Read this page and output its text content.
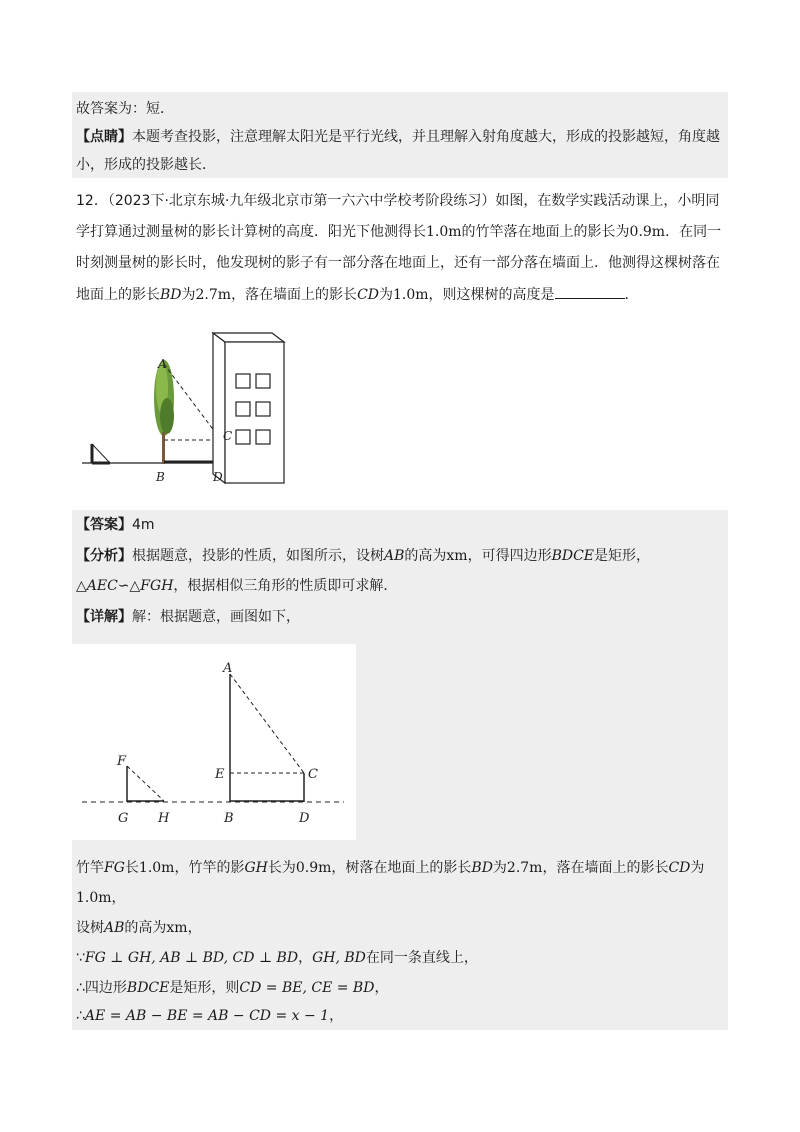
故答案为：短．
【点睛】本题考查投影，注意理解太阳光是平行光线，并且理解入射角度越大，形成的投影越短，角度越
小，形成的投影越长．
12．（2023下·北京东城·九年级北京市第一六六中学校考阶段练习）如图，在数学实践活动课上，小明同
学打算通过测量树的影长计算树的高度．阳光下他测得长1.0m的竹竿落在地面上的影长为0.9m．在同一
时刻测量树的影长时，他发现树的影子有一部分落在地面上，还有一部分落在墙面上．他测得这棵树落在
地面上的影长BD为2.7m，落在墙面上的影长CD为1.0m，则这棵树的高度是	．
A
C
B	D
【答案】4m
【分析】根据题意，投影的性质，如图所示，设树AB的高为xm，可得四边形BDCE是矩形，
△AEC∽△FGH，根据相似三角形的性质即可求解．
【详解】解：根据题意，画图如下，
A
F
E	C
G H	B	D
竹竿FG长1.0m，竹竿的影GH长为0.9m，树落在地面上的影长BD为2.7m，落在墙面上的影长CD为
1.0m，
设树AB的高为xm，
∵FG ⊥ GH, AB ⊥ BD, CD ⊥ BD，GH, BD在同一条直线上，
∴四边形BDCE是矩形，则CD = BE, CE = BD，
∴AE = AB − BE = AB − CD = x − 1，
